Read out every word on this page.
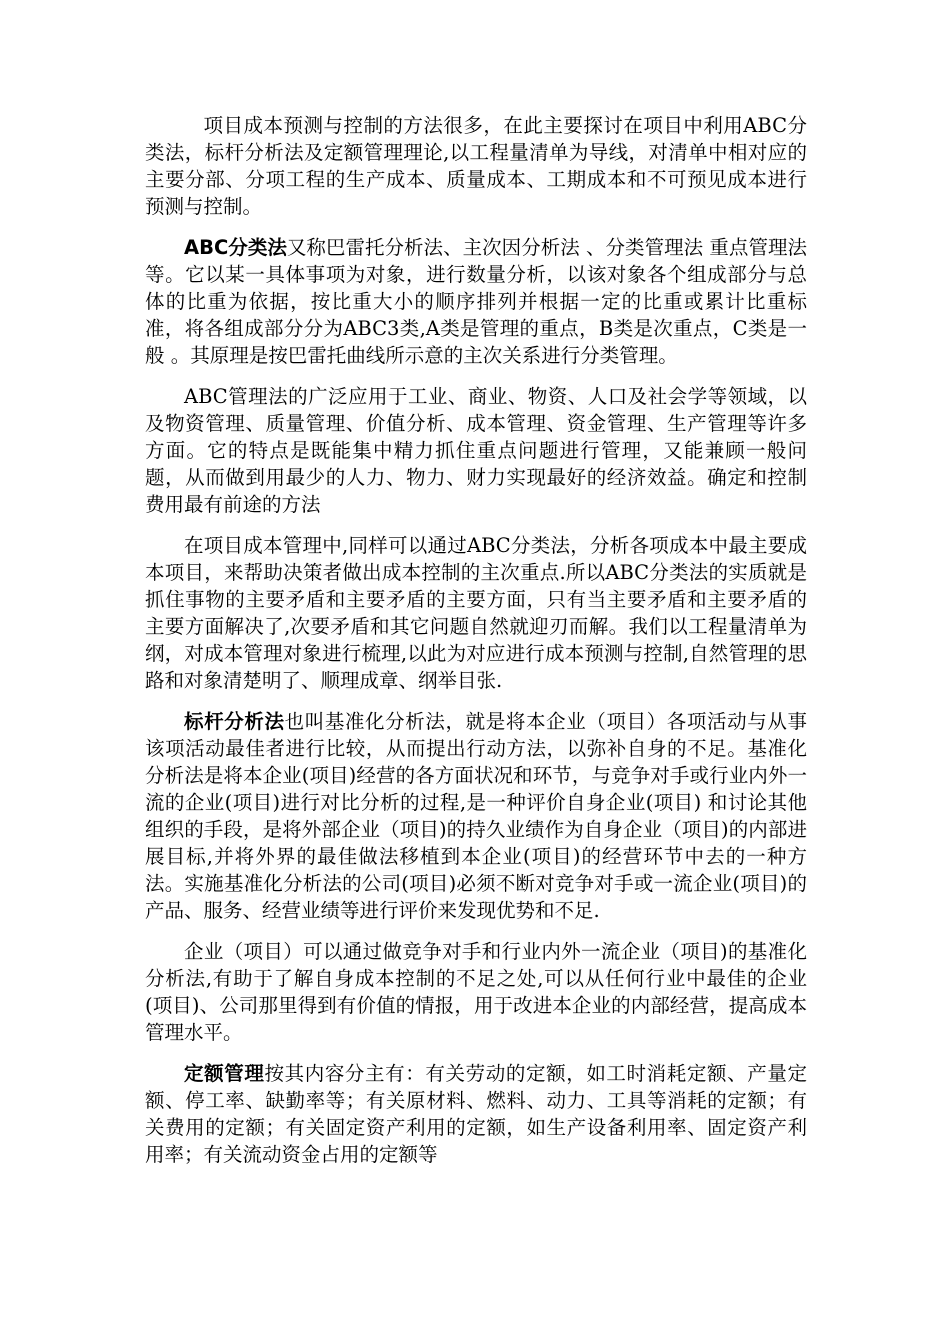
项目成本预测与控制的方法很多，在此主要探讨在项目中利用ABC分类法，标杆分析法及定额管理理论,以工程量清单为导线，对清单中相对应的主要分部、分项工程的生产成本、质量成本、工期成本和不可预见成本进行预测与控制。

ABC分类法又称巴雷托分析法、主次因分析法 、分类管理法 重点管理法等。它以某一具体事项为对象，进行数量分析，以该对象各个组成部分与总体的比重为依据，按比重大小的顺序排列并根据一定的比重或累计比重标准，将各组成部分分为ABC3类,A类是管理的重点，B类是次重点，C类是一般 。其原理是按巴雷托曲线所示意的主次关系进行分类管理。

ABC管理法的广泛应用于工业、商业、物资、人口及社会学等领域，以及物资管理、质量管理、价值分析、成本管理、资金管理、生产管理等许多方面。它的特点是既能集中精力抓住重点问题进行管理，又能兼顾一般问题，从而做到用最少的人力、物力、财力实现最好的经济效益。确定和控制费用最有前途的方法

在项目成本管理中,同样可以通过ABC分类法，分析各项成本中最主要成本项目，来帮助决策者做出成本控制的主次重点.所以ABC分类法的实质就是抓住事物的主要矛盾和主要矛盾的主要方面，只有当主要矛盾和主要矛盾的主要方面解决了,次要矛盾和其它问题自然就迎刃而解。我们以工程量清单为纲，对成本管理对象进行梳理,以此为对应进行成本预测与控制,自然管理的思路和对象清楚明了、顺理成章、纲举目张.

标杆分析法也叫基准化分析法，就是将本企业（项目）各项活动与从事该项活动最佳者进行比较，从而提出行动方法，以弥补自身的不足。基准化分析法是将本企业(项目)经营的各方面状况和环节，与竞争对手或行业内外一流的企业(项目)进行对比分析的过程,是一种评价自身企业(项目) 和讨论其他组织的手段，是将外部企业（项目)的持久业绩作为自身企业（项目)的内部进展目标,并将外界的最佳做法移植到本企业(项目)的经营环节中去的一种方法。实施基准化分析法的公司(项目)必须不断对竞争对手或一流企业(项目)的产品、服务、经营业绩等进行评价来发现优势和不足.

企业（项目）可以通过做竞争对手和行业内外一流企业（项目)的基准化分析法,有助于了解自身成本控制的不足之处,可以从任何行业中最佳的企业(项目)、公司那里得到有价值的情报，用于改进本企业的内部经营，提高成本管理水平。

定额管理按其内容分主有：有关劳动的定额，如工时消耗定额、产量定额、停工率、缺勤率等；有关原材料、燃料、动力、工具等消耗的定额；有关费用的定额；有关固定资产利用的定额，如生产设备利用率、固定资产利用率；有关流动资金占用的定额等
